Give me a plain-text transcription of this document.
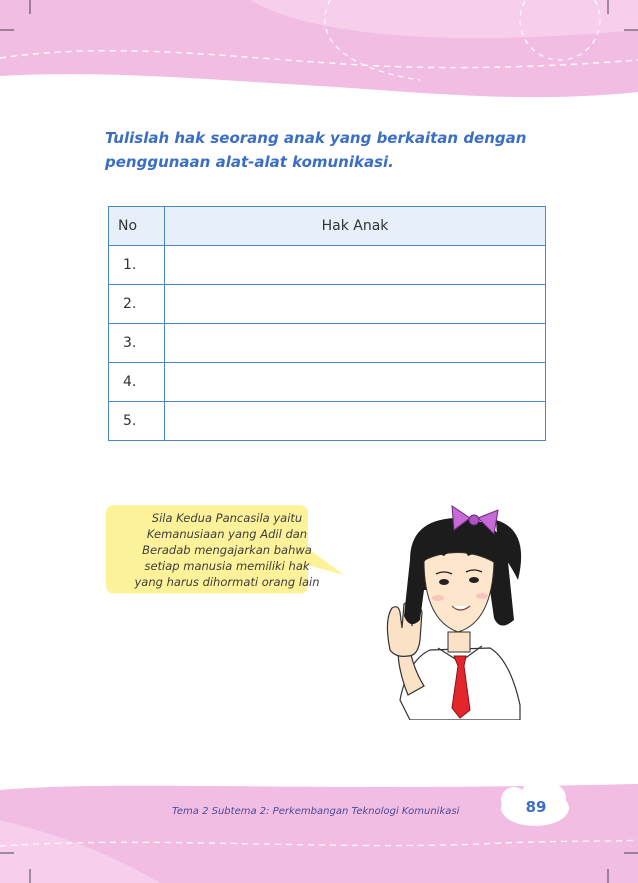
Tulislah hak seorang anak yang berkaitan dengan
penggunaan alat-alat komunikasi.
No	Hak Anak
1.	
2.	
3.	
4.	
5.	
Sila Kedua Pancasila yaitu
Kemanusiaan yang Adil dan
Beradab mengajarkan bahwa
setiap manusia memiliki hak
yang harus dihormati orang lain
Tema 2 Subtema 2: Perkembangan Teknologi Komunikasi	89
